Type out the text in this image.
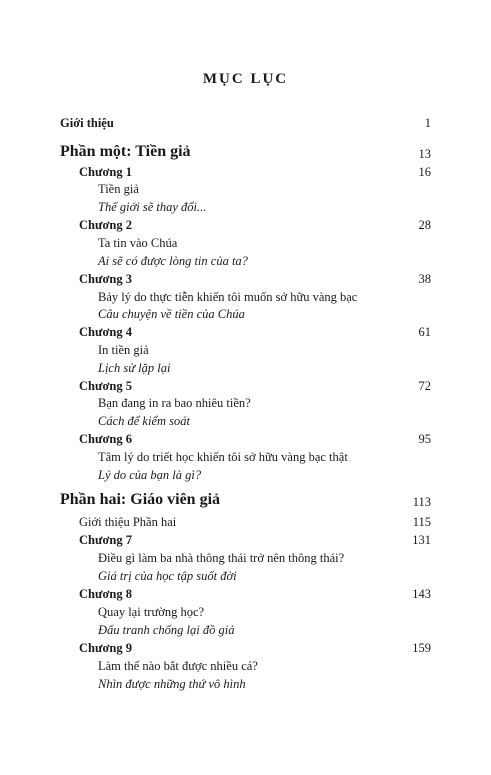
MỤC LỤC
Giới thiệu	1
Phần một: Tiền giả	13
Chương 1	16
Tiền giả
Thế giới sẽ thay đổi...
Chương 2	28
Ta tin vào Chúa
Ai sẽ có được lòng tin của ta?
Chương 3	38
Bảy lý do thực tiễn khiến tôi muốn sở hữu vàng bạc
Câu chuyện về tiền của Chúa
Chương 4	61
In tiền giả
Lịch sử lặp lại
Chương 5	72
Bạn đang in ra bao nhiêu tiền?
Cách để kiểm soát
Chương 6	95
Tâm lý do triết học khiến tôi sở hữu vàng bạc thật
Lý do của bạn là gì?
Phần hai: Giáo viên giả	113
Giới thiệu Phần hai	115
Chương 7	131
Điều gì làm ba nhà thông thái trở nên thông thái?
Giá trị của học tập suốt đời
Chương 8	143
Quay lại trường học?
Đấu tranh chống lại đồ giả
Chương 9	159
Làm thế nào bắt được nhiều cá?
Nhìn được những thứ vô hình
